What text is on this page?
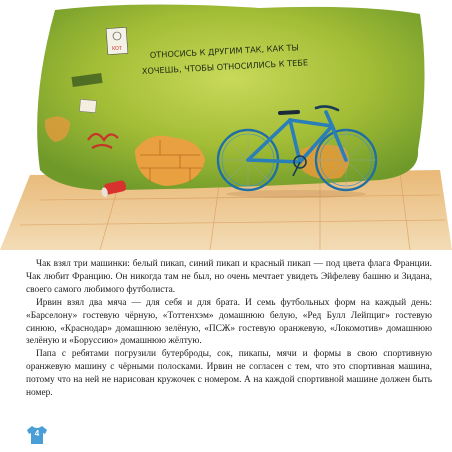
КОТ	ОТНОСИСЬ К ДРУГИМ ТАК, КАК ТЫ
ХОЧЕШЬ, ЧТОБЫ ОТНОСИЛИСЬ К ТЕБЕ

Чак взял три машинки: белый пикап, синий пикап и красный пикап — под цвета флага Франции. Чак любит Францию. Он никогда там не был, но очень мечтает увидеть Эйфелеву башню и Зидана, своего самого любимого футболиста.

Ирвин взял два мяча — для себя и для брата. И семь футбольных форм на каждый день: «Барселону» гостевую чёрную, «Тоттенхэм» домашнюю белую, «Ред Булл Лейпциг» гостевую синюю, «Краснодар» домашнюю зелёную, «ПСЖ» гостевую оранжевую, «Локомотив» домашнюю зелёную и «Боруссию» домашнюю жёлтую.

Папа с ребятами погрузили бутерброды, сок, пикапы, мячи и формы в свою спортивную оранжевую машину с чёрными полосками. Ирвин не согласен с тем, что это спортивная машина, потому что на ней не нарисован кружочек с номером. А на каждой спортивной машине должен быть номер.

4
